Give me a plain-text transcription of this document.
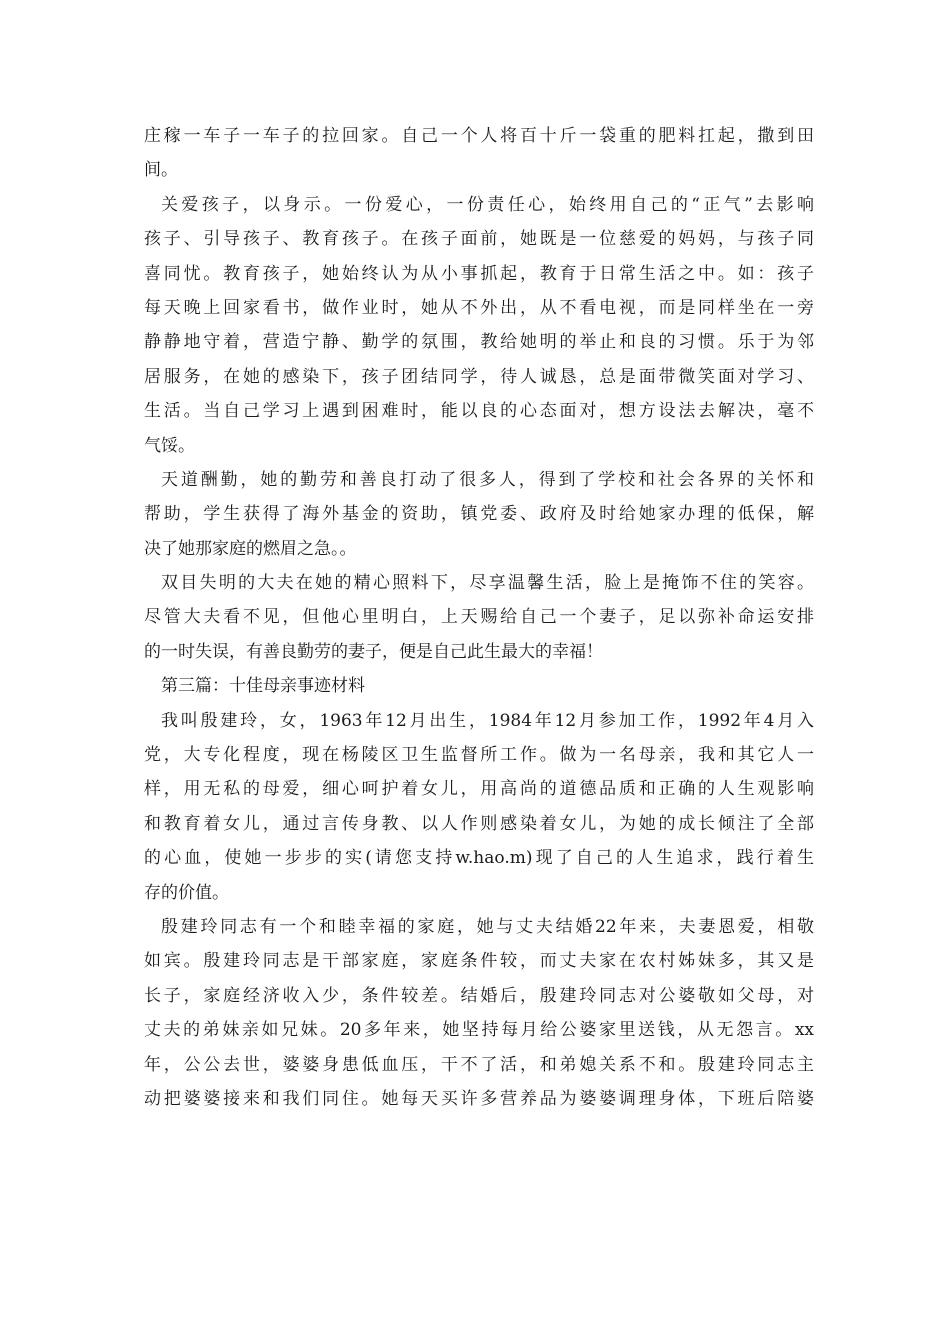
庄稼一车子一车子的拉回家。自己一个人将百十斤一袋重的肥料扛起，撒到田
间。
关爱孩子，以身示。一份爱心，一份责任心，始终用自己的“正气”去影响
孩子、引导孩子、教育孩子。在孩子面前，她既是一位慈爱的妈妈，与孩子同
喜同忧。教育孩子，她始终认为从小事抓起，教育于日常生活之中。如：孩子
每天晚上回家看书，做作业时，她从不外出，从不看电视，而是同样坐在一旁
静静地守着，营造宁静、勤学的氛围，教给她明的举止和良的习惯。乐于为邻
居服务，在她的感染下，孩子团结同学，待人诚恳，总是面带微笑面对学习、
生活。当自己学习上遇到困难时，能以良的心态面对，想方设法去解决，毫不
气馁。
天道酬勤，她的勤劳和善良打动了很多人，得到了学校和社会各界的关怀和
帮助，学生获得了海外基金的资助，镇党委、政府及时给她家办理的低保，解
决了她那家庭的燃眉之急。。
双目失明的大夫在她的精心照料下，尽享温馨生活，脸上是掩饰不住的笑容。
尽管大夫看不见，但他心里明白，上天赐给自己一个妻子，足以弥补命运安排
的一时失误，有善良勤劳的妻子，便是自己此生最大的幸福！
第三篇：十佳母亲事迹材料
我叫殷建玲，女，1963年12月出生，1984年12月参加工作，1992年4月入
党，大专化程度，现在杨陵区卫生监督所工作。做为一名母亲，我和其它人一
样，用无私的母爱，细心呵护着女儿，用高尚的道德品质和正确的人生观影响
和教育着女儿，通过言传身教、以人作则感染着女儿，为她的成长倾注了全部
的心血，使她一步步的实(请您支持w.hao.m)现了自己的人生追求，践行着生
存的价值。
殷建玲同志有一个和睦幸福的家庭，她与丈夫结婚22年来，夫妻恩爱，相敬
如宾。殷建玲同志是干部家庭，家庭条件较，而丈夫家在农村姊妹多，其又是
长子，家庭经济收入少，条件较差。结婚后，殷建玲同志对公婆敬如父母，对
丈夫的弟妹亲如兄妹。20多年来，她坚持每月给公婆家里送钱，从无怨言。xx
年，公公去世，婆婆身患低血压，干不了活，和弟媳关系不和。殷建玲同志主
动把婆婆接来和我们同住。她每天买许多营养品为婆婆调理身体，下班后陪婆
